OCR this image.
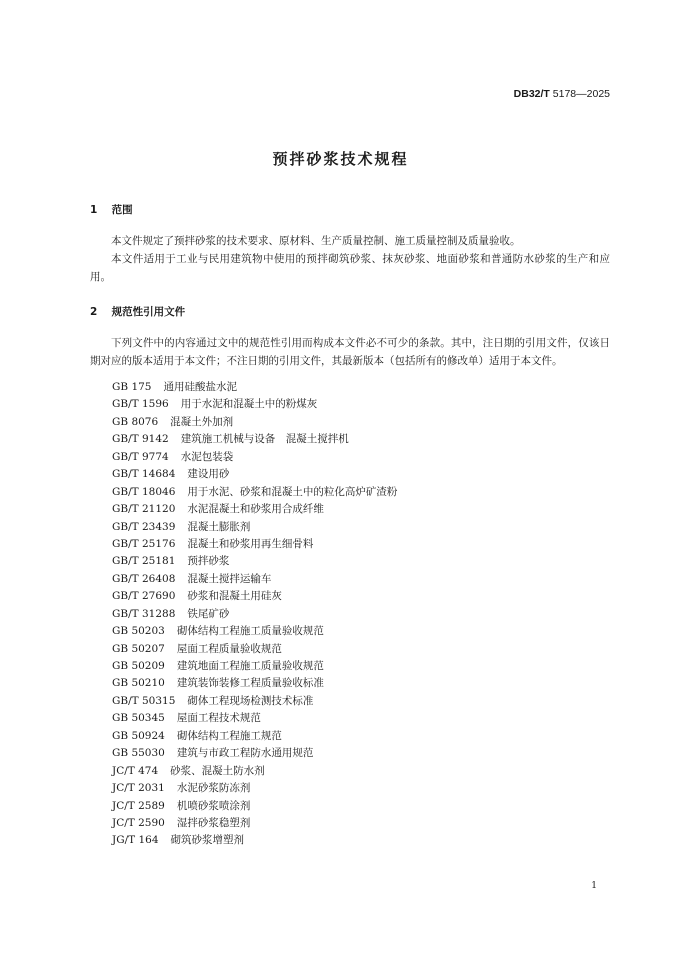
DB32/T 5178—2025
预拌砂浆技术规程
1 范围

本文件规定了预拌砂浆的技术要求、原材料、生产质量控制、施工质量控制及质量验收。

本文件适用于工业与民用建筑物中使用的预拌砌筑砂浆、抹灰砂浆、地面砂浆和普通防水砂浆的生产和应用。

2 规范性引用文件

下列文件中的内容通过文中的规范性引用而构成本文件必不可少的条款。其中，注日期的引用文件，仅该日期对应的版本适用于本文件；不注日期的引用文件，其最新版本（包括所有的修改单）适用于本文件。

GB 175 通用硅酸盐水泥
GB/T 1596 用于水泥和混凝土中的粉煤灰
GB 8076 混凝土外加剂
GB/T 9142 建筑施工机械与设备　混凝土搅拌机
GB/T 9774 水泥包装袋
GB/T 14684 建设用砂
GB/T 18046 用于水泥、砂浆和混凝土中的粒化高炉矿渣粉
GB/T 21120 水泥混凝土和砂浆用合成纤维
GB/T 23439 混凝土膨胀剂
GB/T 25176 混凝土和砂浆用再生细骨料
GB/T 25181 预拌砂浆
GB/T 26408 混凝土搅拌运输车
GB/T 27690 砂浆和混凝土用硅灰
GB/T 31288 铁尾矿砂
GB 50203 砌体结构工程施工质量验收规范
GB 50207 屋面工程质量验收规范
GB 50209 建筑地面工程施工质量验收规范
GB 50210 建筑装饰装修工程质量验收标准
GB/T 50315 砌体工程现场检测技术标准
GB 50345 屋面工程技术规范
GB 50924 砌体结构工程施工规范
GB 55030 建筑与市政工程防水通用规范
JC/T 474 砂浆、混凝土防水剂
JC/T 2031 水泥砂浆防冻剂
JC/T 2589 机喷砂浆喷涂剂
JC/T 2590 湿拌砂浆稳塑剂
JG/T 164 砌筑砂浆增塑剂
1
